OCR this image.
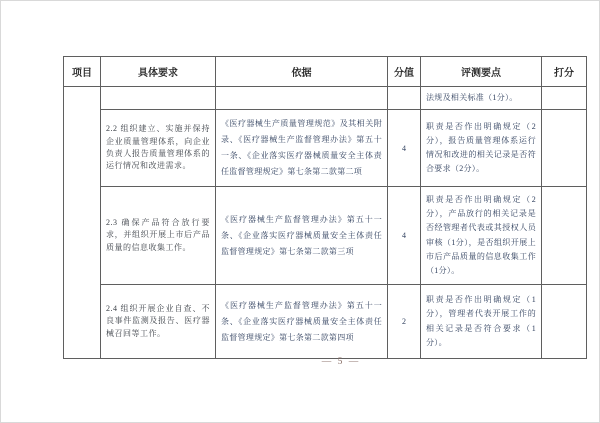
项目	具体要求	依据	分值	评测要点	打分
				法规及相关标准（1分）。	
	2.2 组织建立、实施并保持企业质量管理体系，向企业负责人报告质量管理体系的运行情况和改进需求。	《医疗器械生产质量管理规范》及其相关附录、《医疗器械生产监督管理办法》第五十一条、《企业落实医疗器械质量安全主体责任监督管理规定》第七条第二款第二项	4	职责是否作出明确规定（2分），报告质量管理体系运行情况和改进的相关记录是否符合要求（2分）。	
	2.3 确保产品符合放行要求，并组织开展上市后产品质量的信息收集工作。	《医疗器械生产监督管理办法》第五十一条、《企业落实医疗器械质量安全主体责任监督管理规定》第七条第二款第三项	4	职责是否作出明确规定（2分），产品放行的相关记录是否经管理者代表或其授权人员审核（1分），是否组织开展上市后产品质量的信息收集工作（1分）。	
	2.4 组织开展企业自查、不良事件监测及报告、医疗器械召回等工作。	《医疗器械生产监督管理办法》第五十一条、《企业落实医疗器械质量安全主体责任监督管理规定》第七条第二款第四项	2	职责是否作出明确规定（1分），管理者代表开展工作的相关记录是否符合要求（1分）。	
— 5 —
